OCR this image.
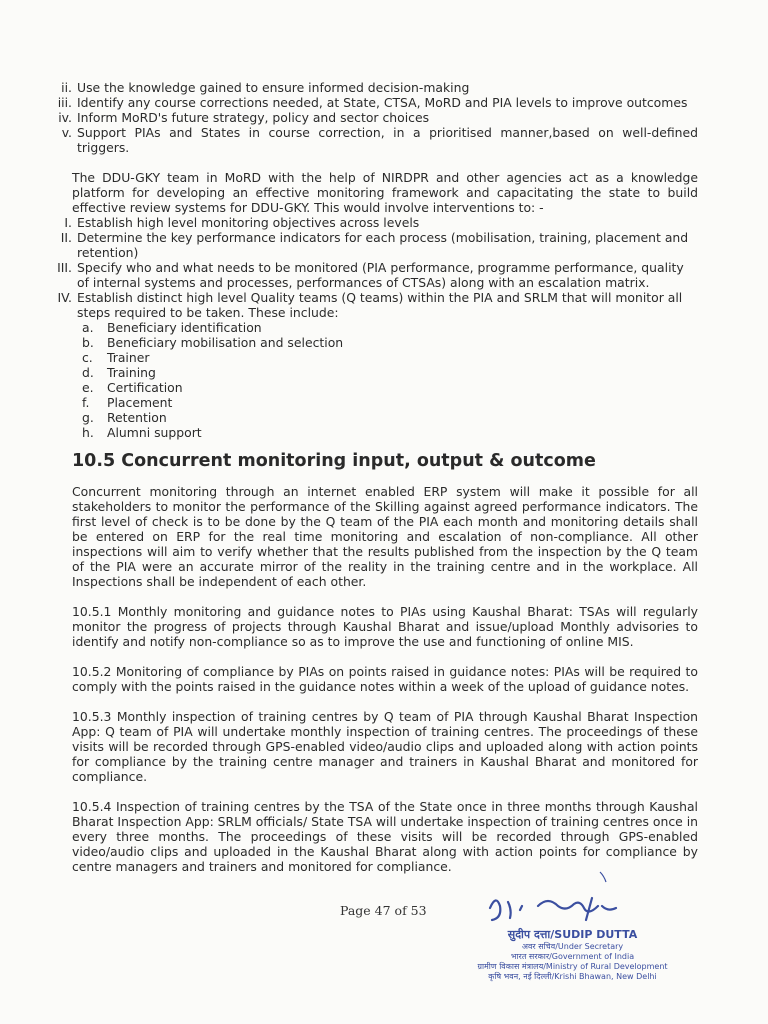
ii. Use the knowledge gained to ensure informed decision-making
iii. Identify any course corrections needed, at State, CTSA, MoRD and PIA levels to improve outcomes
iv. Inform MoRD's future strategy, policy and sector choices
v. Support PIAs and States in course correction, in a prioritised manner,based on well-defined triggers.

The DDU-GKY team in MoRD with the help of NIRDPR and other agencies act as a knowledge platform for developing an effective monitoring framework and capacitating the state to build effective review systems for DDU-GKY. This would involve interventions to: -

I. Establish high level monitoring objectives across levels
II. Determine the key performance indicators for each process (mobilisation, training, placement and retention)
III. Specify who and what needs to be monitored (PIA performance, programme performance, quality of internal systems and processes, performances of CTSAs) along with an escalation matrix.
IV. Establish distinct high level Quality teams (Q teams) within the PIA and SRLM that will monitor all steps required to be taken. These include:
a.	Beneficiary identification
b.	Beneficiary mobilisation and selection
c.	Trainer
d.	Training
e.	Certification
f.	Placement
g.	Retention
h.	Alumni support
10.5 Concurrent monitoring input, output & outcome

Concurrent monitoring through an internet enabled ERP system will make it possible for all stakeholders to monitor the performance of the Skilling against agreed performance indicators. The first level of check is to be done by the Q team of the PIA each month and monitoring details shall be entered on ERP for the real time monitoring and escalation of non-compliance. All other inspections will aim to verify whether that the results published from the inspection by the Q team of the PIA were an accurate mirror of the reality in the training centre and in the workplace. All Inspections shall be independent of each other.

10.5.1 Monthly monitoring and guidance notes to PIAs using Kaushal Bharat: TSAs will regularly monitor the progress of projects through Kaushal Bharat and issue/upload Monthly advisories to identify and notify non-compliance so as to improve the use and functioning of online MIS.

10.5.2 Monitoring of compliance by PIAs on points raised in guidance notes: PIAs will be required to comply with the points raised in the guidance notes within a week of the upload of guidance notes.

10.5.3 Monthly inspection of training centres by Q team of PIA through Kaushal Bharat Inspection App: Q team of PIA will undertake monthly inspection of training centres. The proceedings of these visits will be recorded through GPS-enabled video/audio clips and uploaded along with action points for compliance by the training centre manager and trainers in Kaushal Bharat and monitored for compliance.

10.5.4 Inspection of training centres by the TSA of the State once in three months through Kaushal Bharat Inspection App: SRLM officials/ State TSA will undertake inspection of training centres once in every three months. The proceedings of these visits will be recorded through GPS-enabled video/audio clips and uploaded in the Kaushal Bharat along with action points for compliance by centre managers and trainers and monitored for compliance.

Page 47 of 53
सुदीप दत्ता/SUDIP DUTTA
अवर सचिव/Under Secretary
भारत सरकार/Government of India
ग्रामीण विकास मंत्रालय/Ministry of Rural Development
कृषि भवन, नई दिल्ली/Krishi Bhawan, New Delhi
